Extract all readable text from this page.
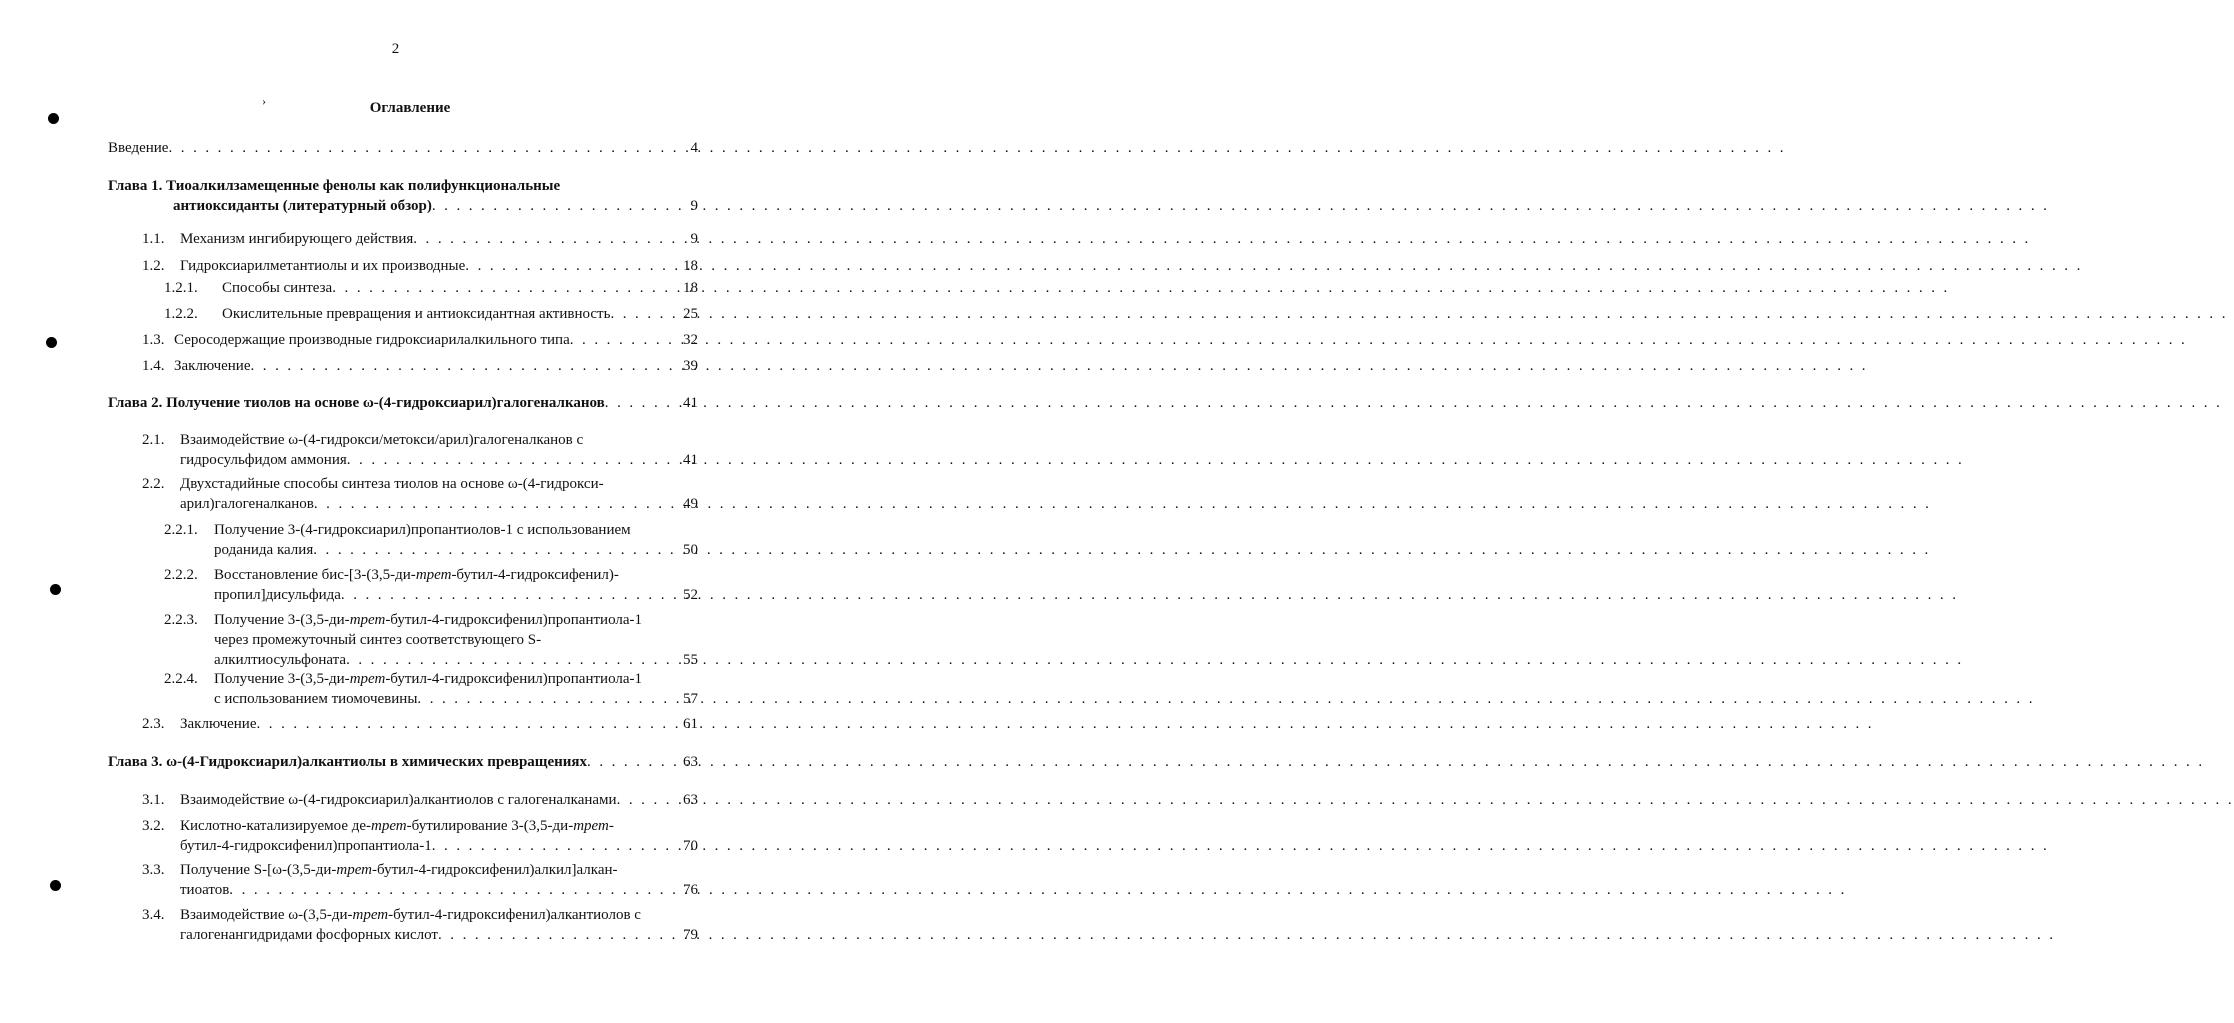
2
›	Оглавление
Введение . . .	4
Глава 1. Тиоалкилзамещенные фенолы как полифункциональные
антиоксиданты (литературный обзор) . . .	9
1.1.	Механизм ингибирующего действия . . .	9
1.2.	Гидроксиарилметантиолы и их производные . . .	18
1.2.1.	Способы синтеза . . .	18
1.2.2.	Окислительные превращения и антиоксидантная активность . . .	25
1.3. Серосодержащие производные гидроксиарилалкильного типа . . .	32
1.4. Заключение . . .	39
Глава 2. Получение тиолов на основе ω-(4-гидроксиарил)галогеналканов . . .	41
2.1.	Взаимодействие ω-(4-гидрокси/метокси/арил)галогеналканов с
гидросульфидом аммония . . .	41
2.2.	Двухстадийные способы синтеза тиолов на основе ω-(4-гидрокси-
арил)галогеналканов . . .	49
2.2.1.	Получение 3-(4-гидроксиарил)пропантиолов-1 с использованием
роданида калия . . .	50
2.2.2.	Восстановление бис-[3-(3,5-ди-трет-бутил-4-гидроксифенил)-
пропил]дисульфида . . .	52
2.2.3.	Получение 3-(3,5-ди-трет-бутил-4-гидроксифенил)пропантиола-1
через промежуточный синтез соответствующего S-
алкилтиосульфоната . . .	55
2.2.4.	Получение 3-(3,5-ди-трет-бутил-4-гидроксифенил)пропантиола-1
с использованием тиомочевины . . .	57
2.3.	Заключение . . .	61
Глава 3. ω-(4-Гидроксиарил)алкантиолы в химических превращениях . . .	63
3.1.	Взаимодействие ω-(4-гидроксиарил)алкантиолов с галогеналканами . . .	63
3.2.	Кислотно-катализируемое де-трет-бутилирование 3-(3,5-ди-трет-
бутил-4-гидроксифенил)пропантиола-1 . . .	70
3.3.	Получение S-[ω-(3,5-ди-трет-бутил-4-гидроксифенил)алкил]алкан-
тиоатов . . .	76
3.4.	Взаимодействие ω-(3,5-ди-трет-бутил-4-гидроксифенил)алкантиолов с
галогенангидридами фосфорных кислот . . .	79
